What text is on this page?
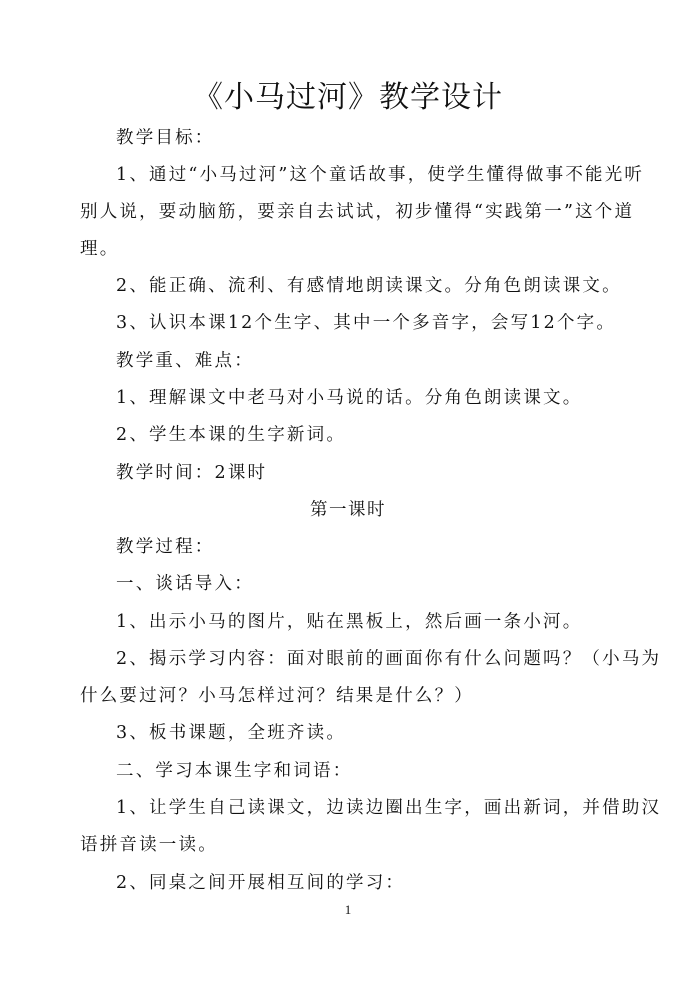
《小马过河》教学设计
教学目标：
1、通过“小马过河”这个童话故事，使学生懂得做事不能光听
别人说，要动脑筋，要亲自去试试，初步懂得“实践第一”这个道
理。
2、能正确、流利、有感情地朗读课文。分角色朗读课文。
3、认识本课12个生字、其中一个多音字，会写12个字。
教学重、难点：
1、理解课文中老马对小马说的话。分角色朗读课文。
2、学生本课的生字新词。
教学时间：2课时
第一课时
教学过程：
一、谈话导入：
1、出示小马的图片，贴在黑板上，然后画一条小河。
2、揭示学习内容：面对眼前的画面你有什么问题吗？（小马为
什么要过河？小马怎样过河？结果是什么？）
3、板书课题，全班齐读。
二、学习本课生字和词语：
1、让学生自己读课文，边读边圈出生字，画出新词，并借助汉
语拼音读一读。
2、同桌之间开展相互间的学习：
1
